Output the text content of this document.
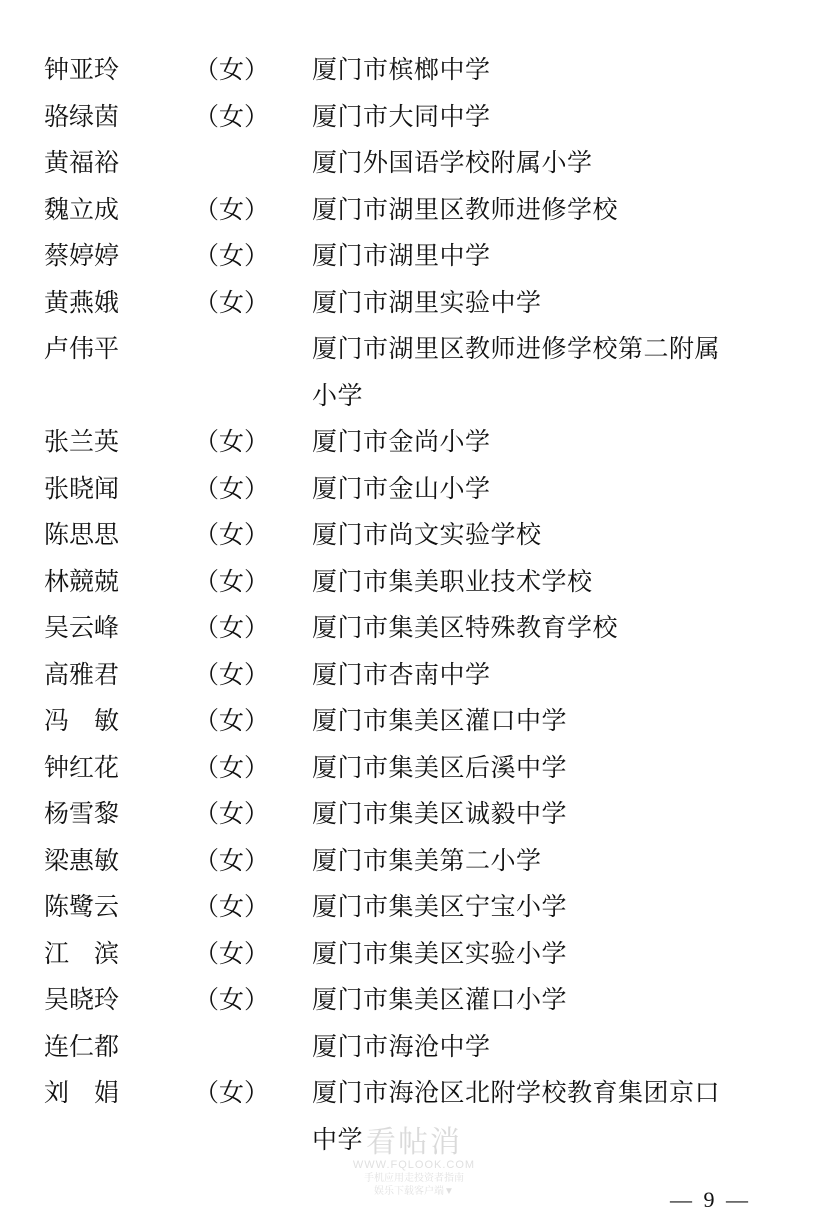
钟亚玲	（女）	厦门市槟榔中学
骆绿茵	（女）	厦门市大同中学
黄福裕		厦门外国语学校附属小学
魏立成	（女）	厦门市湖里区教师进修学校
蔡婷婷	（女）	厦门市湖里中学
黄燕娥	（女）	厦门市湖里实验中学
卢伟平		厦门市湖里区教师进修学校第二附属
小学

张兰英	（女）	厦门市金尚小学
张晓闻	（女）	厦门市金山小学
陈思思	（女）	厦门市尚文实验学校
林競兢	（女）	厦门市集美职业技术学校
吴云峰	（女）	厦门市集美区特殊教育学校
高雅君	（女）	厦门市杏南中学
冯　敏	（女）	厦门市集美区灌口中学
钟红花	（女）	厦门市集美区后溪中学
杨雪黎	（女）	厦门市集美区诚毅中学
梁惠敏	（女）	厦门市集美第二小学
陈鹭云	（女）	厦门市集美区宁宝小学
江　滨	（女）	厦门市集美区实验小学
吴晓玲	（女）	厦门市集美区灌口小学
连仁都		厦门市海沧中学
刘　娟	（女）	厦门市海沧区北附学校教育集团京口
中学 看帖消
WWW.FQLOOK.COM
手机应用走投资者指南
娱乐下载客户端▼	— 9 —
